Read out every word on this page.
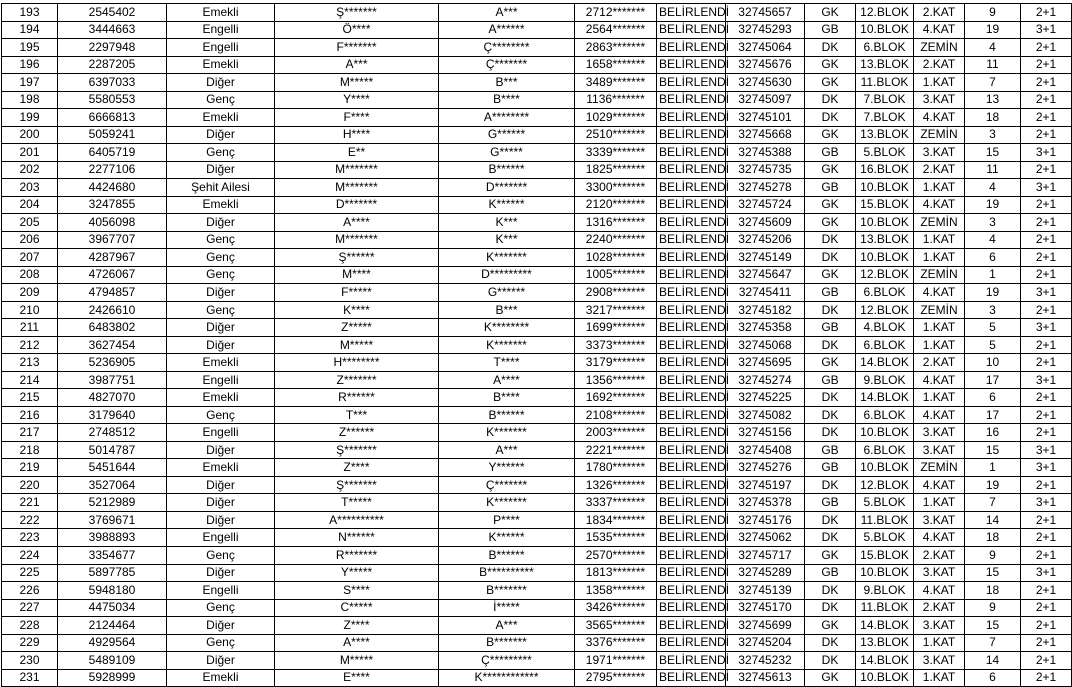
193	2545402	Emekli	Ş*******	A***	2712*******	BELİRLENDİ	32745657	GK	12.BLOK	2.KAT	9	2+1
194	3444663	Engelli	Ö****	A******	2564*******	BELİRLENDİ	32745293	GB	10.BLOK	4.KAT	19	3+1
195	2297948	Engelli	F*******	Ç********	2863*******	BELİRLENDİ	32745064	DK	6.BLOK	ZEMİN	4	2+1
196	2287205	Emekli	A***	Ç*******	1658*******	BELİRLENDİ	32745676	GK	13.BLOK	2.KAT	11	2+1
197	6397033	Diğer	M*****	B***	3489*******	BELİRLENDİ	32745630	GK	11.BLOK	1.KAT	7	2+1
198	5580553	Genç	Y****	B****	1136*******	BELİRLENDİ	32745097	DK	7.BLOK	3.KAT	13	2+1
199	6666813	Emekli	F****	A********	1029*******	BELİRLENDİ	32745101	DK	7.BLOK	4.KAT	18	2+1
200	5059241	Diğer	H****	G******	2510*******	BELİRLENDİ	32745668	GK	13.BLOK	ZEMİN	3	2+1
201	6405719	Genç	E**	G*****	3339*******	BELİRLENDİ	32745388	GB	5.BLOK	3.KAT	15	3+1
202	2277106	Diğer	M*******	B******	1825*******	BELİRLENDİ	32745735	GK	16.BLOK	2.KAT	11	2+1
203	4424680	Şehit Ailesi	M*******	D*******	3300*******	BELİRLENDİ	32745278	GB	10.BLOK	1.KAT	4	3+1
204	3247855	Emekli	D*******	K******	2120*******	BELİRLENDİ	32745724	GK	15.BLOK	4.KAT	19	2+1
205	4056098	Diğer	A****	K***	1316*******	BELİRLENDİ	32745609	GK	10.BLOK	ZEMİN	3	2+1
206	3967707	Genç	M*******	K***	2240*******	BELİRLENDİ	32745206	DK	13.BLOK	1.KAT	4	2+1
207	4287967	Genç	Ş******	K*******	1028*******	BELİRLENDİ	32745149	DK	10.BLOK	1.KAT	6	2+1
208	4726067	Genç	M****	D*********	1005*******	BELİRLENDİ	32745647	GK	12.BLOK	ZEMİN	1	2+1
209	4794857	Diğer	F*****	G******	2908*******	BELİRLENDİ	32745411	GB	6.BLOK	4.KAT	19	3+1
210	2426610	Genç	K****	B***	3217*******	BELİRLENDİ	32745182	DK	12.BLOK	ZEMİN	3	2+1
211	6483802	Diğer	Z*****	K********	1699*******	BELİRLENDİ	32745358	GB	4.BLOK	1.KAT	5	3+1
212	3627454	Diğer	M*****	K*******	3373*******	BELİRLENDİ	32745068	DK	6.BLOK	1.KAT	5	2+1
213	5236905	Emekli	H********	T****	3179*******	BELİRLENDİ	32745695	GK	14.BLOK	2.KAT	10	2+1
214	3987751	Engelli	Z*******	A****	1356*******	BELİRLENDİ	32745274	GB	9.BLOK	4.KAT	17	3+1
215	4827070	Emekli	R******	B****	1692*******	BELİRLENDİ	32745225	DK	14.BLOK	1.KAT	6	2+1
216	3179640	Genç	T***	B******	2108*******	BELİRLENDİ	32745082	DK	6.BLOK	4.KAT	17	2+1
217	2748512	Engelli	Z******	K*******	2003*******	BELİRLENDİ	32745156	DK	10.BLOK	3.KAT	16	2+1
218	5014787	Diğer	Ş*******	A***	2221*******	BELİRLENDİ	32745408	GB	6.BLOK	3.KAT	15	3+1
219	5451644	Emekli	Z****	Y******	1780*******	BELİRLENDİ	32745276	GB	10.BLOK	ZEMİN	1	3+1
220	3527064	Diğer	Ş*******	Ç*******	1326*******	BELİRLENDİ	32745197	DK	12.BLOK	4.KAT	19	2+1
221	5212989	Diğer	T*****	K*******	3337*******	BELİRLENDİ	32745378	GB	5.BLOK	1.KAT	7	3+1
222	3769671	Diğer	A**********	P****	1834*******	BELİRLENDİ	32745176	DK	11.BLOK	3.KAT	14	2+1
223	3988893	Engelli	N******	K******	1535*******	BELİRLENDİ	32745062	DK	5.BLOK	4.KAT	18	2+1
224	3354677	Genç	R*******	B******	2570*******	BELİRLENDİ	32745717	GK	15.BLOK	2.KAT	9	2+1
225	5897785	Diğer	Y*****	B**********	1813*******	BELİRLENDİ	32745289	GB	10.BLOK	3.KAT	15	3+1
226	5948180	Engelli	S****	B*******	1358*******	BELİRLENDİ	32745139	DK	9.BLOK	4.KAT	18	2+1
227	4475034	Genç	C*****	İ*****	3426*******	BELİRLENDİ	32745170	DK	11.BLOK	2.KAT	9	2+1
228	2124464	Diğer	Z****	A***	3565*******	BELİRLENDİ	32745699	GK	14.BLOK	3.KAT	15	2+1
229	4929564	Genç	A****	B*******	3376*******	BELİRLENDİ	32745204	DK	13.BLOK	1.KAT	7	2+1
230	5489109	Diğer	M*****	Ç*********	1971*******	BELİRLENDİ	32745232	DK	14.BLOK	3.KAT	14	2+1
231	5928999	Emekli	E****	K************	2795*******	BELİRLENDİ	32745613	GK	10.BLOK	1.KAT	6	2+1
